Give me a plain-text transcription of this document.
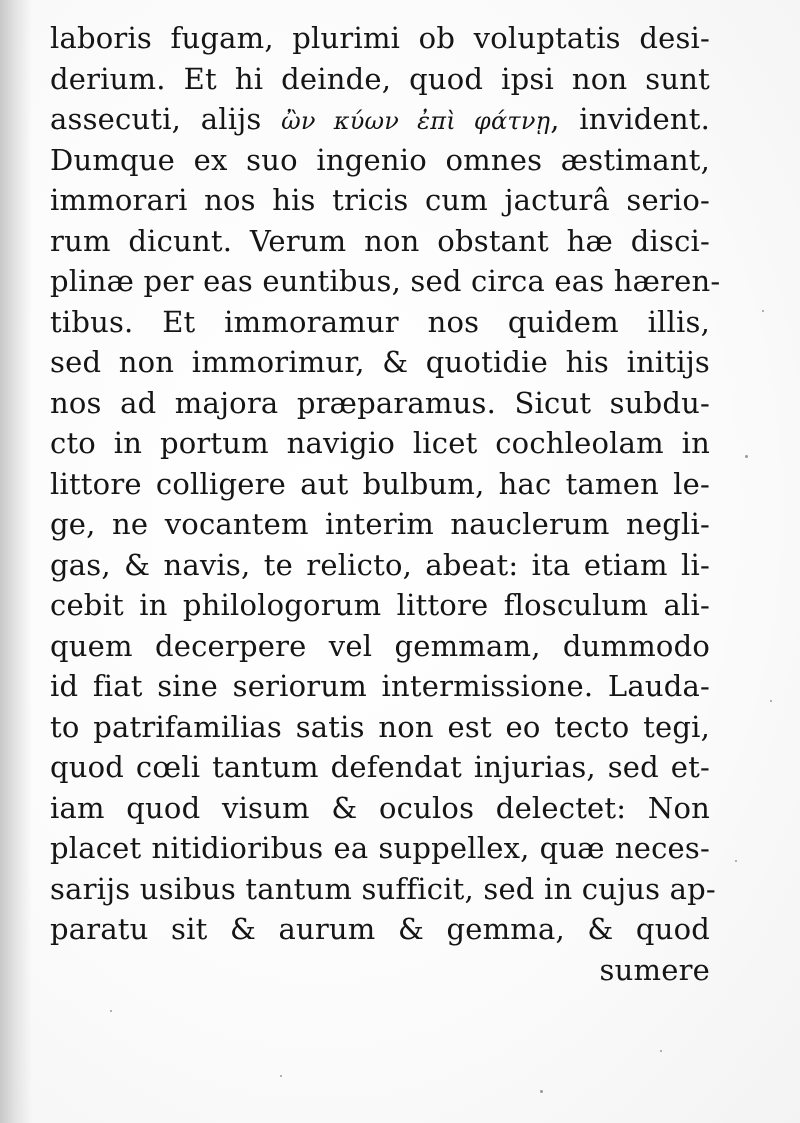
laboris fugam, plurimi ob voluptatis desi-
derium. Et hi deinde, quod ipsi non sunt
assecuti, alijs ὢν κύων ἐπὶ φάτνῃ, invident.
Dumque ex suo ingenio omnes æstimant,
immorari nos his tricis cum jacturâ serio-
rum dicunt. Verum non obstant hæ disci-
plinæ per eas euntibus, sed circa eas hæren-
tibus. Et immoramur nos quidem illis,
sed non immorimur, & quotidie his initijs
nos ad majora præparamus. Sicut subdu-
cto in portum navigio licet cochleolam in
littore colligere aut bulbum, hac tamen le-
ge, ne vocantem interim nauclerum negli-
gas, & navis, te relicto, abeat: ita etiam li-
cebit in philologorum littore flosculum ali-
quem decerpere vel gemmam, dummodo
id fiat sine seriorum intermissione. Lauda-
to patrifamilias satis non est eo tecto tegi,
quod cœli tantum defendat injurias, sed et-
iam quod visum & oculos delectet: Non
placet nitidioribus ea suppellex, quæ neces-
sarijs usibus tantum sufficit, sed in cujus ap-
paratu sit & aurum & gemma, & quod
sumere
